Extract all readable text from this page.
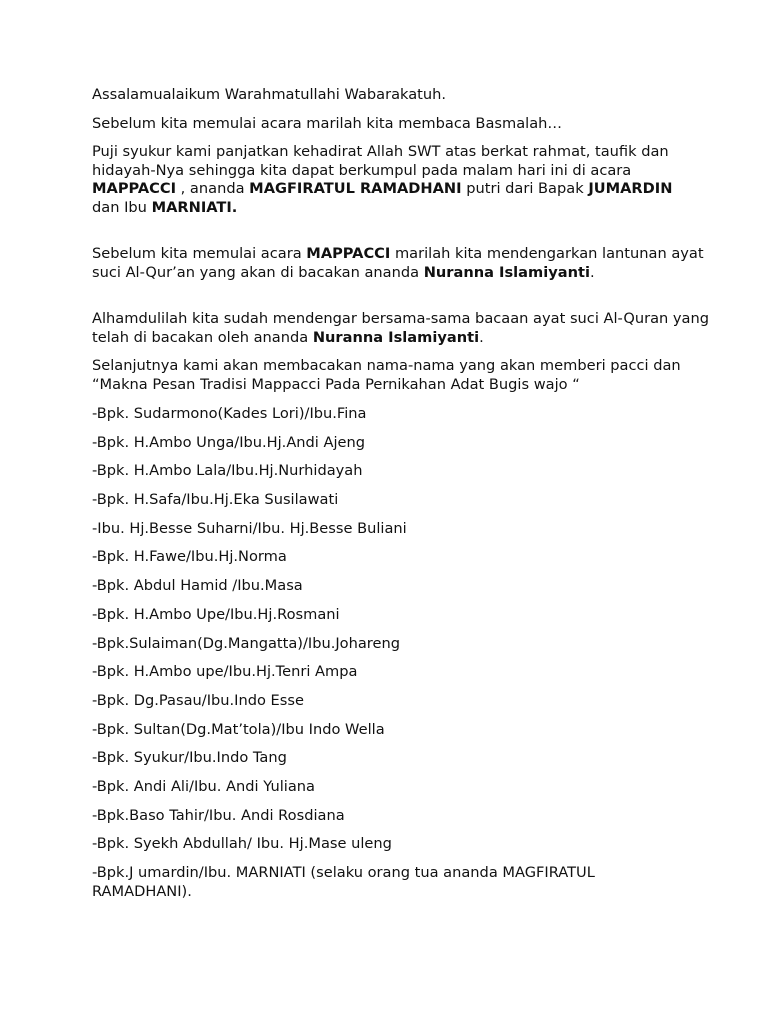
Assalamualaikum Warahmatullahi Wabarakatuh.

Sebelum kita memulai acara marilah kita membaca Basmalah…

Puji syukur kami panjatkan kehadirat Allah SWT atas berkat rahmat, taufik dan
hidayah-Nya sehingga kita dapat berkumpul pada malam hari ini di acara
MAPPACCI , ananda MAGFIRATUL RAMADHANI putri dari Bapak JUMARDIN
dan Ibu MARNIATI.

Sebelum kita memulai acara MAPPACCI marilah kita mendengarkan lantunan ayat
suci Al-Qur’an yang akan di bacakan ananda Nuranna Islamiyanti.

Alhamdulilah kita sudah mendengar bersama-sama bacaan ayat suci Al-Quran yang
telah di bacakan oleh ananda Nuranna Islamiyanti.

Selanjutnya kami akan membacakan nama-nama yang akan memberi pacci dan
“Makna Pesan Tradisi Mappacci Pada Pernikahan Adat Bugis wajo “

-Bpk. Sudarmono(Kades Lori)/Ibu.Fina
-Bpk. H.Ambo Unga/Ibu.Hj.Andi Ajeng
-Bpk. H.Ambo Lala/Ibu.Hj.Nurhidayah
-Bpk. H.Safa/Ibu.Hj.Eka Susilawati
-Ibu. Hj.Besse Suharni/Ibu. Hj.Besse Buliani
-Bpk. H.Fawe/Ibu.Hj.Norma
-Bpk. Abdul Hamid /Ibu.Masa
-Bpk. H.Ambo Upe/Ibu.Hj.Rosmani
-Bpk.Sulaiman(Dg.Mangatta)/Ibu.Johareng
-Bpk. H.Ambo upe/Ibu.Hj.Tenri Ampa
-Bpk. Dg.Pasau/Ibu.Indo Esse
-Bpk. Sultan(Dg.Mat’tola)/Ibu Indo Wella
-Bpk. Syukur/Ibu.Indo Tang
-Bpk. Andi Ali/Ibu. Andi Yuliana
-Bpk.Baso Tahir/Ibu. Andi Rosdiana
-Bpk. Syekh Abdullah/ Ibu. Hj.Mase uleng
-Bpk.J umardin/Ibu. MARNIATI (selaku orang tua ananda MAGFIRATUL
RAMADHANI).
